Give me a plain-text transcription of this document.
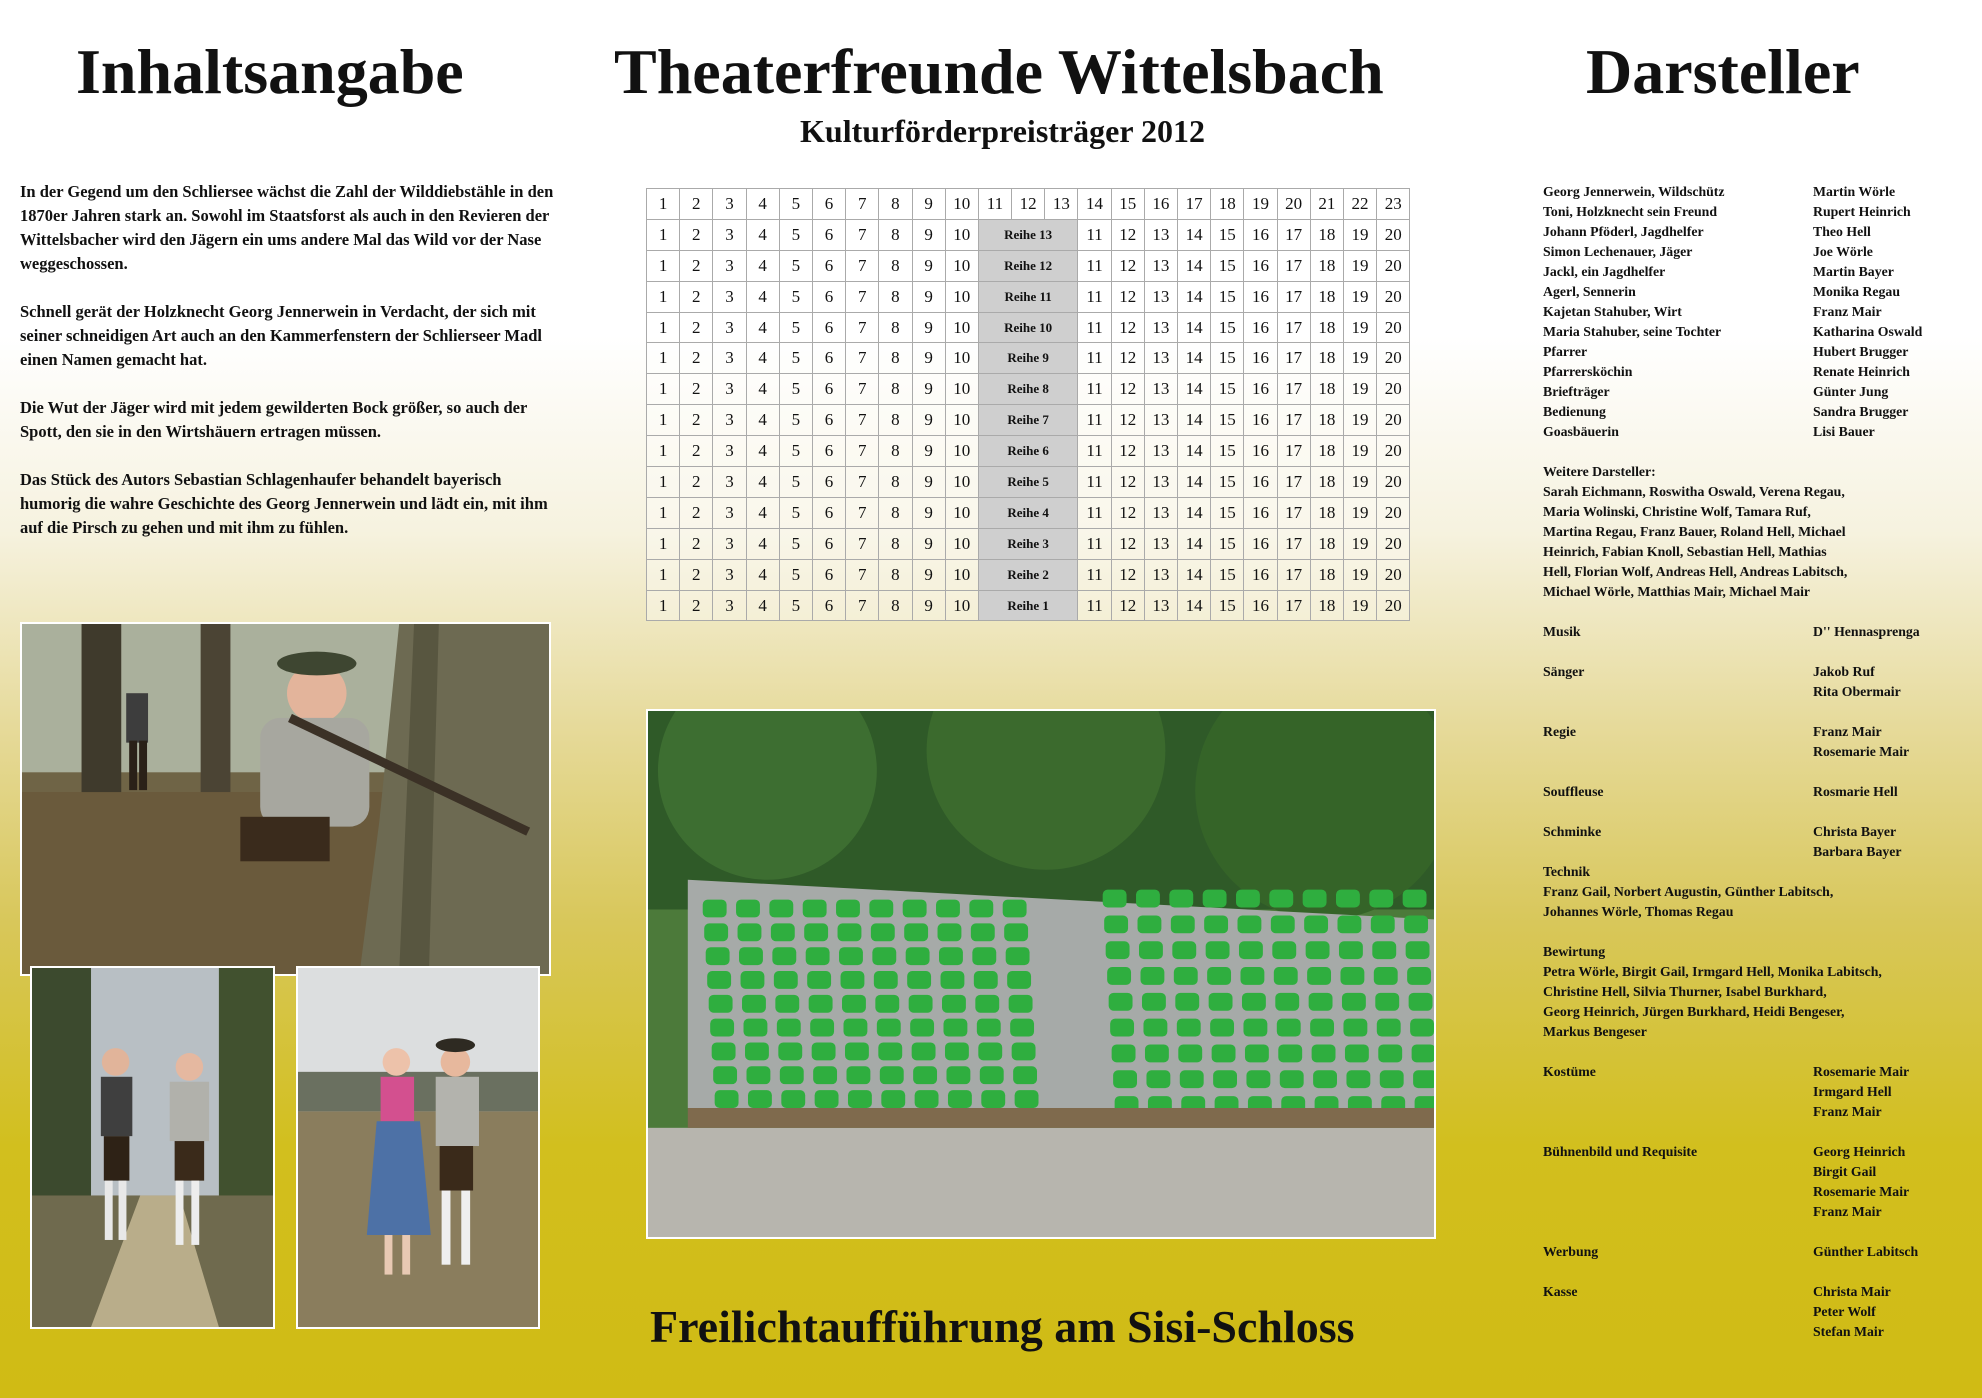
Inhaltsangabe Theaterfreunde Wittelsbach
Kulturförderpreisträger 2012
Darsteller

In der Gegend um den Schliersee wächst die Zahl der Wilddiebstähle in den 1870er Jahren stark an. Sowohl im Staatsforst als auch in den Revieren der Wittelsbacher wird den Jägern ein ums andere Mal das Wild vor der Nase weggeschossen.

Schnell gerät der Holzknecht Georg Jennerwein in Verdacht, der sich mit seiner schneidigen Art auch an den Kammerfenstern der Schlierseer Madl einen Namen gemacht hat.

Die Wut der Jäger wird mit jedem gewilderten Bock größer, so auch der Spott, den sie in den Wirtshäuern ertragen müssen.

Das Stück des Autors Sebastian Schlagenhaufer behandelt bayerisch humorig die wahre Geschichte des Georg Jennerwein und lädt ein, mit ihm auf die Pirsch zu gehen und mit ihm zu fühlen.

1	2	3	4	5	6	7	8	9	10	11	12	13	14	15	16	17	18	19	20	21	22	23
1	2	3	4	5	6	7	8	9	10	Reihe 13			11	12	13	14	15	16	17	18	19	20
1	2	3	4	5	6	7	8	9	10	Reihe 12			11	12	13	14	15	16	17	18	19	20
1	2	3	4	5	6	7	8	9	10	Reihe 11			11	12	13	14	15	16	17	18	19	20
1	2	3	4	5	6	7	8	9	10	Reihe 10			11	12	13	14	15	16	17	18	19	20
1	2	3	4	5	6	7	8	9	10	Reihe 9			11	12	13	14	15	16	17	18	19	20
1	2	3	4	5	6	7	8	9	10	Reihe 8			11	12	13	14	15	16	17	18	19	20
1	2	3	4	5	6	7	8	9	10	Reihe 7			11	12	13	14	15	16	17	18	19	20
1	2	3	4	5	6	7	8	9	10	Reihe 6			11	12	13	14	15	16	17	18	19	20
1	2	3	4	5	6	7	8	9	10	Reihe 5			11	12	13	14	15	16	17	18	19	20
1	2	3	4	5	6	7	8	9	10	Reihe 4			11	12	13	14	15	16	17	18	19	20
1	2	3	4	5	6	7	8	9	10	Reihe 3			11	12	13	14	15	16	17	18	19	20
1	2	3	4	5	6	7	8	9	10	Reihe 2			11	12	13	14	15	16	17	18	19	20
1	2	3	4	5	6	7	8	9	10	Reihe 1			11	12	13	14	15	16	17	18	19	20
Freilichtaufführung am Sisi-Schloss
Georg Jennerwein, Wildschütz	Martin Wörle
Toni, Holzknecht sein Freund	Rupert Heinrich
Johann Pföderl, Jagdhelfer	Theo Hell
Simon Lechenauer, Jäger	Joe Wörle
Jackl, ein Jagdhelfer	Martin Bayer
Agerl, Sennerin	Monika Regau
Kajetan Stahuber, Wirt	Franz Mair
Maria Stahuber, seine Tochter	Katharina Oswald
Pfarrer	Hubert Brugger
Pfarrersköchin	Renate Heinrich
Briefträger	Günter Jung
Bedienung	Sandra Brugger
Goasbäuerin	Lisi Bauer
Weitere Darsteller:
Sarah Eichmann, Roswitha Oswald, Verena Regau,
Maria Wolinski, Christine Wolf, Tamara Ruf,
Martina Regau, Franz Bauer, Roland Hell, Michael
Heinrich, Fabian Knoll, Sebastian Hell, Mathias
Hell, Florian Wolf, Andreas Hell, Andreas Labitsch,
Michael Wörle, Matthias Mair, Michael Mair
Musik	D'' Hennasprenga
Sänger	Jakob Ruf
Rita Obermair
Regie	Franz Mair
Rosemarie Mair
Souffleuse	Rosmarie Hell
Schminke	Christa Bayer
Barbara Bayer
Technik
Franz Gail, Norbert Augustin, Günther Labitsch,
Johannes Wörle, Thomas Regau
Bewirtung
Petra Wörle, Birgit Gail, Irmgard Hell, Monika Labitsch,
Christine Hell, Silvia Thurner, Isabel Burkhard,
Georg Heinrich, Jürgen Burkhard, Heidi Bengeser,
Markus Bengeser
Kostüme	Rosemarie Mair
Irmgard Hell
Franz Mair
Bühnenbild und Requisite	Georg Heinrich
Birgit Gail
Rosemarie Mair
Franz Mair
Werbung	Günther Labitsch
Kasse	Christa Mair
Peter Wolf
Stefan Mair
